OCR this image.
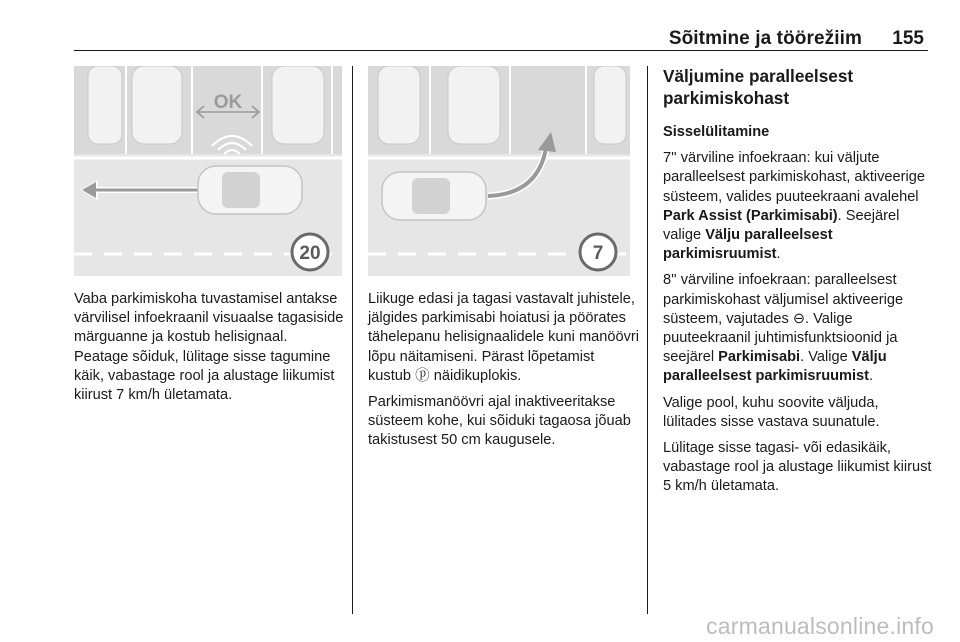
Sõitmine ja töörežiim 155
OK
20	7

Vaba parkimiskoha tuvastamisel antakse värvilisel infoekraanil visuaalse tagasiside märguanne ja kostub helisignaal. Peatage sõiduk, lülitage sisse tagumine käik, vabastage rool ja alustage liikumist kiirust 7 km/h ületamata.

Liikuge edasi ja tagasi vastavalt juhistele, jälgides parkimisabi hoiatusi ja pöörates tähelepanu helisignaalidele kuni manöövri lõpu näitamiseni. Pärast lõpetamist kustub ⓟ näidikuplokis.

Parkimismanöövri ajal inaktiveeritakse süsteem kohe, kui sõiduki tagaosa jõuab takistusest 50 cm kaugusele.

Väljumine paralleelsest parkimiskohast

Sisselülitamine

7'' värviline infoekraan: kui väljute paralleelsest parkimiskohast, aktiveerige süsteem, valides puuteekraani avalehel Park Assist (Parkimisabi). Seejärel valige Välju paralleelsest parkimisruumist.

8'' värviline infoekraan: paralleelsest parkimiskohast väljumisel aktiveerige süsteem, vajutades ⊖. Valige puuteekraanil juhtimisfunktsioonid ja seejärel Parkimisabi. Valige Välju paralleelsest parkimisruumist.

Valige pool, kuhu soovite väljuda, lülitades sisse vastava suunatule.

Lülitage sisse tagasi- või edasikäik, vabastage rool ja alustage liikumist kiirust 5 km/h ületamata.

carmanualsonline.info
